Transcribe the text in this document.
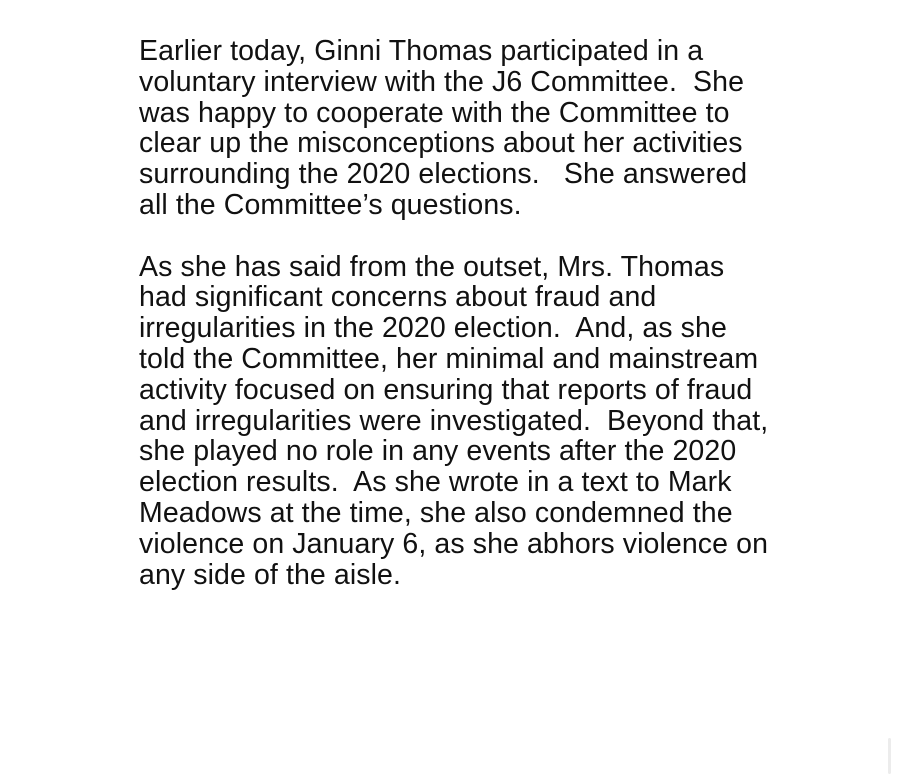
Earlier today, Ginni Thomas participated in a
voluntary interview with the J6 Committee.  She
was happy to cooperate with the Committee to
clear up the misconceptions about her activities
surrounding the 2020 elections.   She answered
all the Committee’s questions.

As she has said from the outset, Mrs. Thomas
had significant concerns about fraud and
irregularities in the 2020 election.  And, as she
told the Committee, her minimal and mainstream
activity focused on ensuring that reports of fraud
and irregularities were investigated.  Beyond that,
she played no role in any events after the 2020
election results.  As she wrote in a text to Mark
Meadows at the time, she also condemned the
violence on January 6, as she abhors violence on
any side of the aisle.
